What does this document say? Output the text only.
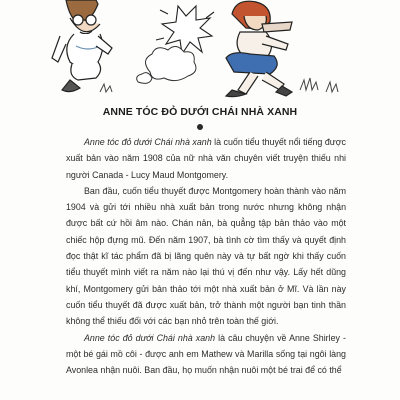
ANNE TÓC ĐỎ DƯỚI CHÁI NHÀ XANH

Anne tóc đỏ dưới Chái nhà xanh là cuốn tiểu thuyết nổi tiếng được xuất bản vào năm 1908 của nữ nhà văn chuyên viết truyện thiếu nhi người Canada - Lucy Maud Montgomery.

Ban đầu, cuốn tiểu thuyết được Montgomery hoàn thành vào năm 1904 và gửi tới nhiều nhà xuất bản trong nước nhưng không nhận được bất cứ hồi âm nào. Chán nản, bà quẳng tập bản thảo vào một chiếc hộp đựng mũ. Đến năm 1907, bà tình cờ tìm thấy và quyết định đọc thật kĩ tác phẩm đã bị lãng quên này và tự bất ngờ khi thấy cuốn tiểu thuyết mình viết ra năm nào lại thú vị đến như vậy. Lấy hết dũng khí, Montgomery gửi bản thảo tới một nhà xuất bản ở Mĩ. Và lần này cuốn tiểu thuyết đã được xuất bản, trở thành một người bạn tinh thần không thể thiếu đối với các bạn nhỏ trên toàn thế giới.

Anne tóc đỏ dưới Chái nhà xanh là câu chuyện về Anne Shirley - một bé gái mồ côi - được anh em Mathew và Marilla sống tại ngôi làng Avonlea nhận nuôi. Ban đầu, họ muốn nhận nuôi một bé trai để có thể
